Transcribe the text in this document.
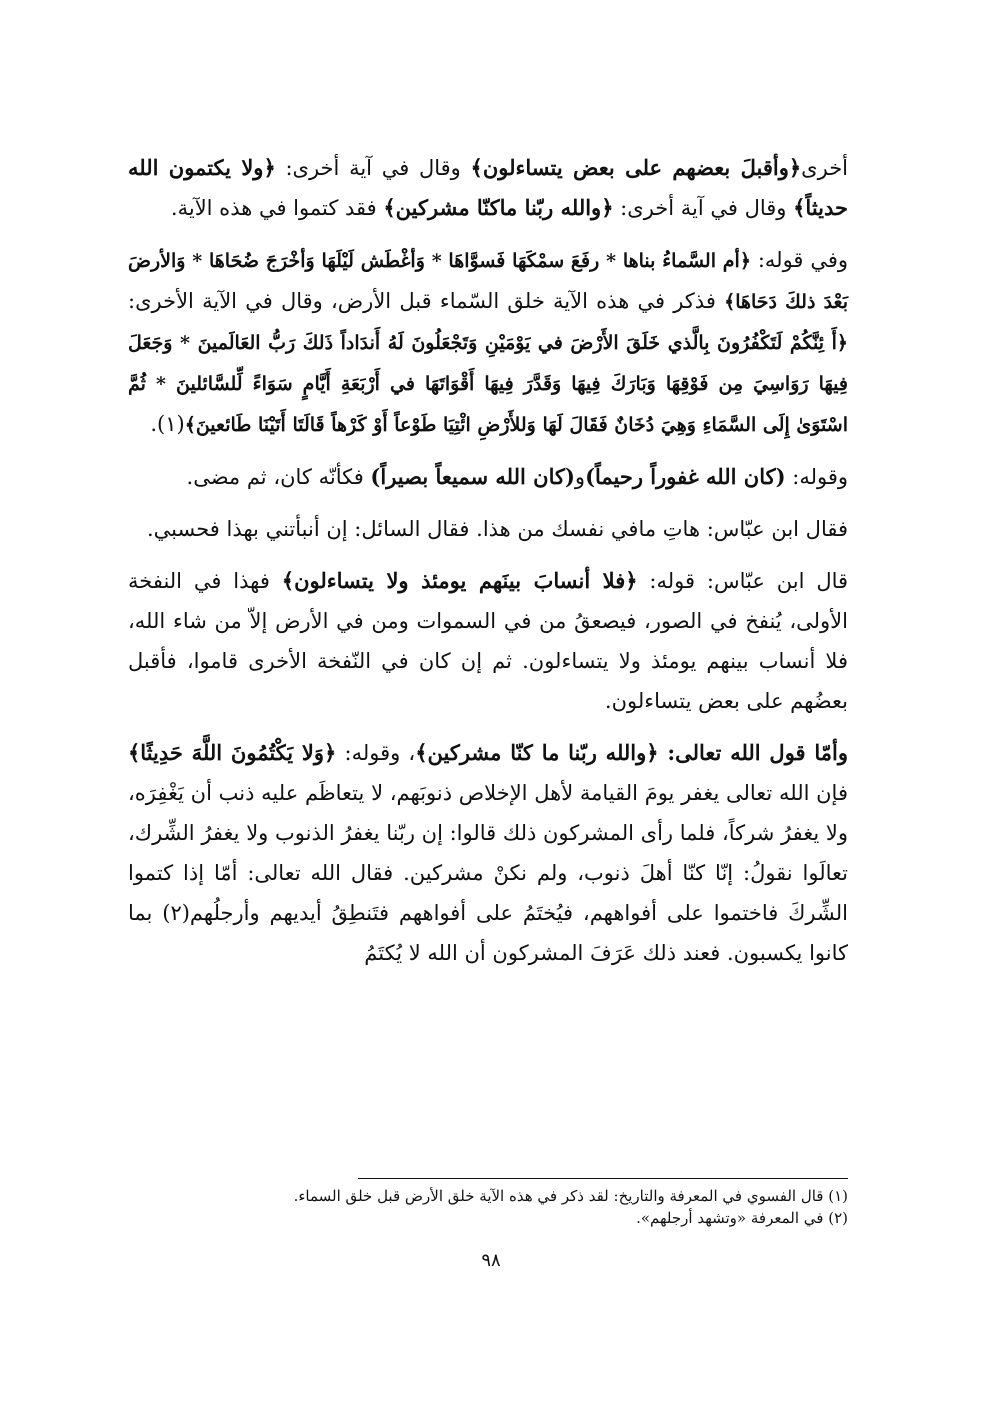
أخرى﴿وأقبلَ بعضهم على بعض يتساءلون﴾ وقال في آية أخرى: ﴿ولا يكتمون الله حديثاً﴾ وقال في آية أخرى: ﴿والله ربّنا ماكنّا مشركين﴾ فقد كتموا في هذه الآية.

وفي قوله: ﴿أم السَّماءُ بناها * رفَعَ سمْكَهَا فَسوَّاهَا * وَأغْطَش لَيْلَهَا وَأخْرَجَ ضُحَاهَا * وَالأرضَ بَعْدَ ذلكَ دَحَاهَا﴾ فذكر في هذه الآية خلق السّماء قبل الأرض، وقال في الآية الأخرى: ﴿أَ ئِنَّكُمْ لَتَكْفُرُونَ بِالَّذي خَلَقَ الأَرْضَ في يَوْمَيْنِ وَتَجْعَلُونَ لَهُ أَندَاداً ذَلكَ رَبُّ العَالَمينَ * وَجَعَلَ فِيهَا رَوَاسِيَ مِن فَوْقِهَا وَبَارَكَ فِيهَا وَقَدَّرَ فِيهَا أَقْوَاتَهَا في أَرْبَعَةِ أَيَّامٍ سَوَاءً لِّلسَّائلينَ * ثُمَّ اسْتَوَىٰ إِلَى السَّمَاءِ وَهِيَ دُخَانٌ فَقَالَ لَهَا وَللأَرْضِ ائْتِيَا طَوْعاً أَوْ كَرْهاً قَالَتَا أَتَيْنَا طَائعينَ﴾(١).

وقوله: (كان الله غفوراً رحيماً)و(كان الله سميعاً بصيراً) فكأنّه كان، ثم مضى.

فقال ابن عبّاس: هاتِ مافي نفسك من هذا. فقال السائل: إن أنبأتني بهذا فحسبي.

قال ابن عبّاس: قوله: ﴿فلا أنسابَ بينَهم يومئذ ولا يتساءلون﴾ فهذا في النفخة الأولى، يُنفخ في الصور، فيصعقُ من في السموات ومن في الأرض إلاّ من شاء الله، فلا أنساب بينهم يومئذ ولا يتساءلون. ثم إن كان في النّفخة الأخرى قاموا، فأقبل بعضُهم على بعض يتساءلون.

وأمّا قول الله تعالى: ﴿والله ربّنا ما كنّا مشركين﴾، وقوله: ﴿وَلا يَكْتُمُونَ اللَّهَ حَدِيثًا﴾ فإن الله تعالى يغفر يومَ القيامة لأهل الإخلاص ذنوبَهم، لا يتعاظَم عليه ذنب أن يَغْفِرَه، ولا يغفرُ شركاً، فلما رأى المشركون ذلك قالوا: إن ربّنا يغفرُ الذنوب ولا يغفرُ الشِّرك، تعالَوا نقولُ: إنّا كنّا أهلَ ذنوب، ولم نكنْ مشركين. فقال الله تعالى: أمّا إذا كتموا الشِّركَ فاختموا على أفواههم، فيُختَمُ على أفواههم فتَنطِقُ أيديهم وأرجلُهم(٢) بما كانوا يكسبون. فعند ذلك عَرَفَ المشركون أن الله لا يُكتَمُ

(١) قال الفسوي في المعرفة والتاريخ: لقد ذكر في هذه الآية خلق الأرض قبل خلق السماء.

(٢) في المعرفة «وتشهد أرجلهم».

٩٨
